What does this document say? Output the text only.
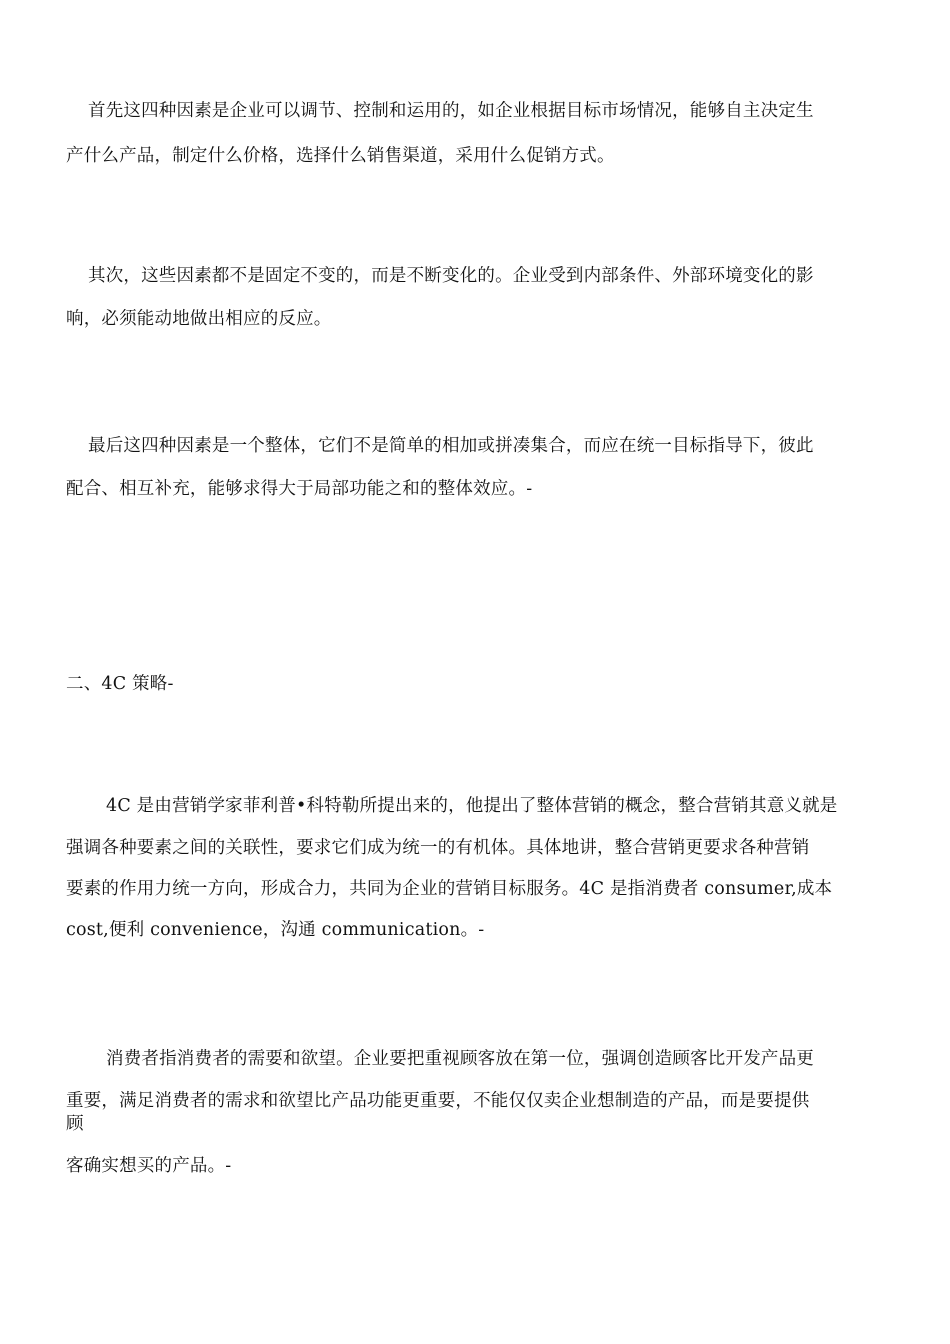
首先这四种因素是企业可以调节、控制和运用的，如企业根据目标市场情况，能够自主决定生
产什么产品，制定什么价格，选择什么销售渠道，采用什么促销方式。
其次，这些因素都不是固定不变的，而是不断变化的。企业受到内部条件、外部环境变化的影
响，必须能动地做出相应的反应。
最后这四种因素是一个整体，它们不是简单的相加或拼凑集合，而应在统一目标指导下，彼此
配合、相互补充，能够求得大于局部功能之和的整体效应。-
二、4C 策略-
4C 是由营销学家菲利普•科特勒所提出来的，他提出了整体营销的概念，整合营销其意义就是
强调各种要素之间的关联性，要求它们成为统一的有机体。具体地讲，整合营销更要求各种营销
要素的作用力统一方向，形成合力，共同为企业的营销目标服务。4C 是指消费者 consumer,成本
cost,便利 convenience，沟通 communication。-
消费者指消费者的需要和欲望。企业要把重视顾客放在第一位，强调创造顾客比开发产品更
重要，满足消费者的需求和欲望比产品功能更重要，不能仅仅卖企业想制造的产品，而是要提供
顾
客确实想买的产品。-
